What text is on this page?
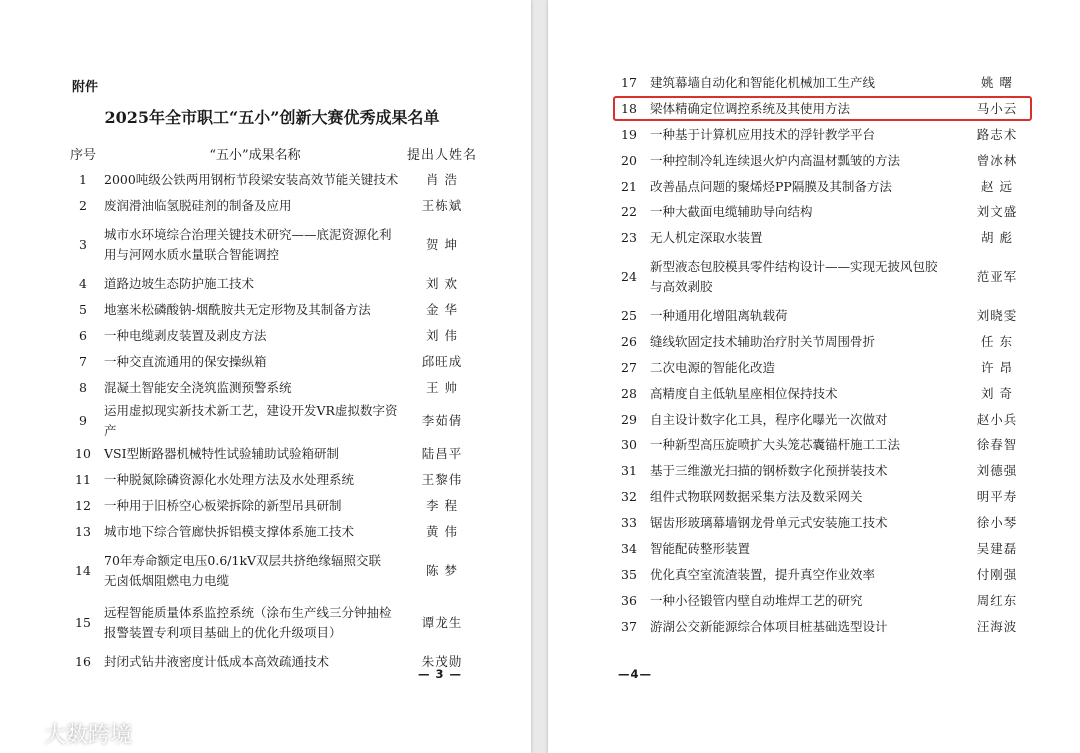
附件
2025年全市职工“五小”创新大赛优秀成果名单
— 3 —
序号	“五小”成果名称	提出人姓名
1	2000吨级公铁两用钢桁节段梁安装高效节能关键技术	肖 浩
2	废润滑油临氢脱硅剂的制备及应用	王栋斌
3	城市水环境综合治理关键技术研究——底泥资源化利
用与河网水质水量联合智能调控	贺 坤
4	道路边坡生态防护施工技术	刘 欢
5	地塞米松磷酸钠-烟酰胺共无定形物及其制备方法	金 华
6	一种电缆剥皮装置及剥皮方法	刘 伟
7	一种交直流通用的保安操纵箱	邱旺成
8	混凝土智能安全浇筑监测预警系统	王 帅
9	运用虚拟现实新技术新工艺，建设开发VR虚拟数字资产	李茹倩
10	VSI型断路器机械特性试验辅助试验箱研制	陆昌平
11	一种脱氮除磷资源化水处理方法及水处理系统	王黎伟
12	一种用于旧桥空心板梁拆除的新型吊具研制	李 程
13	城市地下综合管廊快拆铝模支撑体系施工技术	黄 伟
14	70年寿命额定电压0.6/1kV双层共挤绝缘辐照交联
无卤低烟阻燃电力电缆	陈 梦
15	远程智能质量体系监控系统（涂布生产线三分钟抽检
报警装置专利项目基础上的优化升级项目）	谭龙生
16	封闭式钻井液密度计低成本高效疏通技术	朱茂勋
—4—
17	建筑幕墙自动化和智能化机械加工生产线	姚 曙
18	梁体精确定位调控系统及其使用方法	马小云
19	一种基于计算机应用技术的浮针教学平台	路志术
20	一种控制冷轧连续退火炉内高温材瓢皱的方法	曾冰林
21	改善晶点问题的聚烯烃PP隔膜及其制备方法	赵 远
22	一种大截面电缆辅助导向结构	刘文盛
23	无人机定深取水装置	胡 彪
24	新型液态包胶模具零件结构设计——实现无披风包胶
与高效剥胶	范亚军
25	一种通用化增阻离轨载荷	刘晓雯
26	缝线软固定技术辅助治疗肘关节周围骨折	任 东
27	二次电源的智能化改造	许 昂
28	高精度自主低轨星座相位保持技术	刘 奇
29	自主设计数字化工具，程序化曝光一次做对	赵小兵
30	一种新型高压旋喷扩大头笼芯囊锚杆施工工法	徐春智
31	基于三维激光扫描的钢桥数字化预拼装技术	刘德强
32	组件式物联网数据采集方法及数采网关	明平寿
33	锯齿形玻璃幕墙钢龙骨单元式安装施工技术	徐小琴
34	智能配砖整形装置	吴建磊
35	优化真空室流渣装置，提升真空作业效率	付刚强
36	一种小径锻管内壁自动堆焊工艺的研究	周红东
37	游湖公交新能源综合体项目桩基础选型设计	汪海波
大数跨境
